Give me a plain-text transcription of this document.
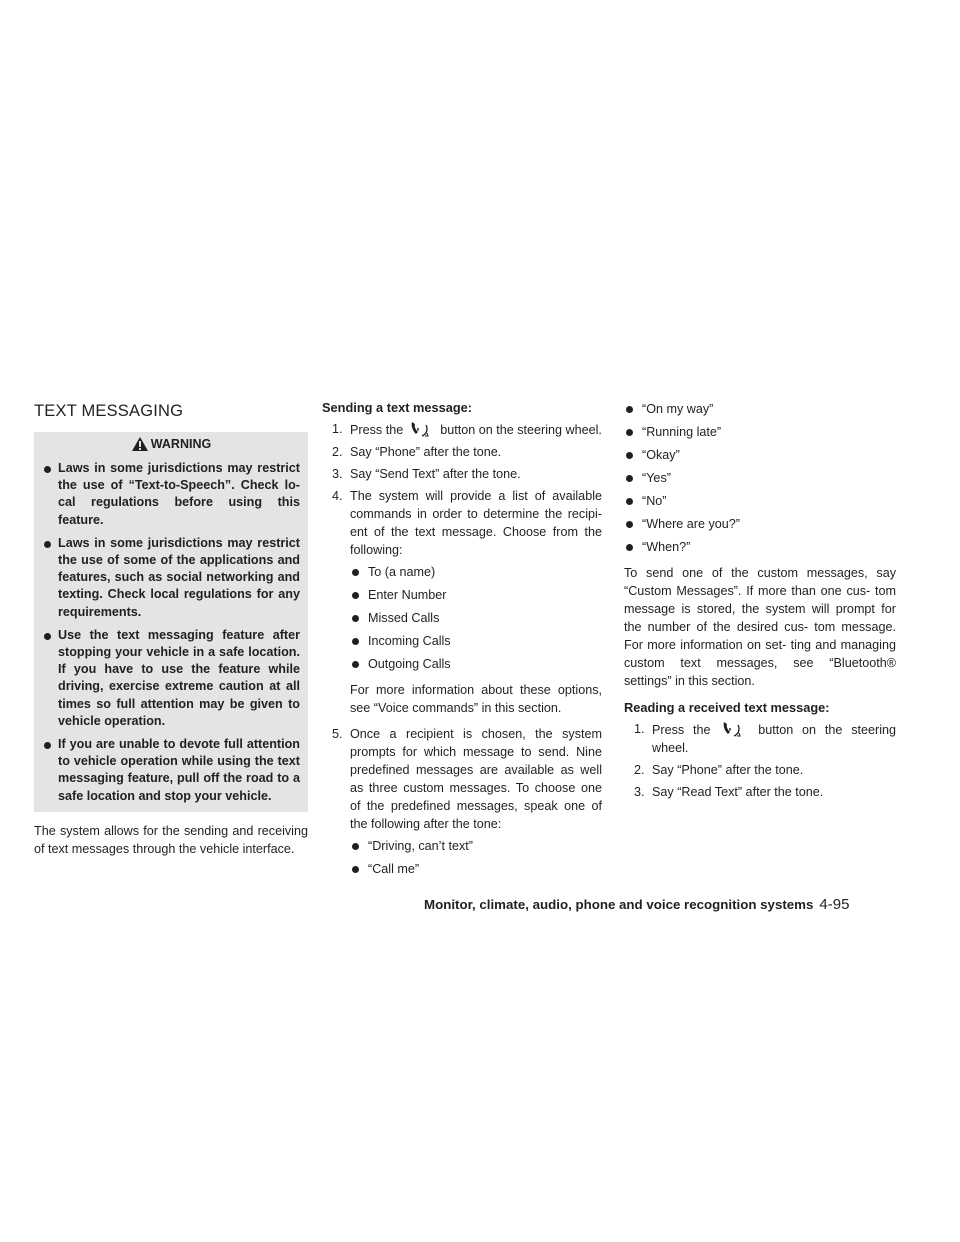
TEXT MESSAGING
WARNING
Laws in some jurisdictions may restrict the use of “Text-to-Speech”. Check lo- cal regulations before using this feature.
Laws in some jurisdictions may restrict the use of some of the applications and features, such as social networking and texting. Check local regulations for any requirements.
Use the text messaging feature after stopping your vehicle in a safe location. If you have to use the feature while driving, exercise extreme caution at all times so full attention may be given to vehicle operation.
If you are unable to devote full attention to vehicle operation while using the text messaging feature, pull off the road to a safe location and stop your vehicle.

The system allows for the sending and receiving of text messages through the vehicle interface.

Sending a text message:
1. Press the	button on the steering wheel.
2. Say “Phone” after the tone.
3. Say “Send Text” after the tone.
4. The system will provide a list of available commands in order to determine the recipi- ent of the text message. Choose from the following:
To (a name)
Enter Number
Missed Calls
Incoming Calls
Outgoing Calls

For more information about these options, see “Voice commands” in this section.

5. Once a recipient is chosen, the system prompts for which message to send. Nine predefined messages are available as well as three custom messages. To choose one of the predefined messages, speak one of the following after the tone:
“Driving, can’t text”
“Call me”
“On my way”
“Running late”
“Okay”
“Yes”
“No”
“Where are you?”
“When?”

To send one of the custom messages, say “Custom Messages”. If more than one cus- tom message is stored, the system will prompt for the number of the desired cus- tom message. For more information on set- ting and managing custom text messages, see “Bluetooth® settings” in this section.

Reading a received text message:
1. Press the	button on the steering wheel.
2. Say “Phone” after the tone.
3. Say “Read Text” after the tone.
Monitor, climate, audio, phone and voice recognition systems 4-95
